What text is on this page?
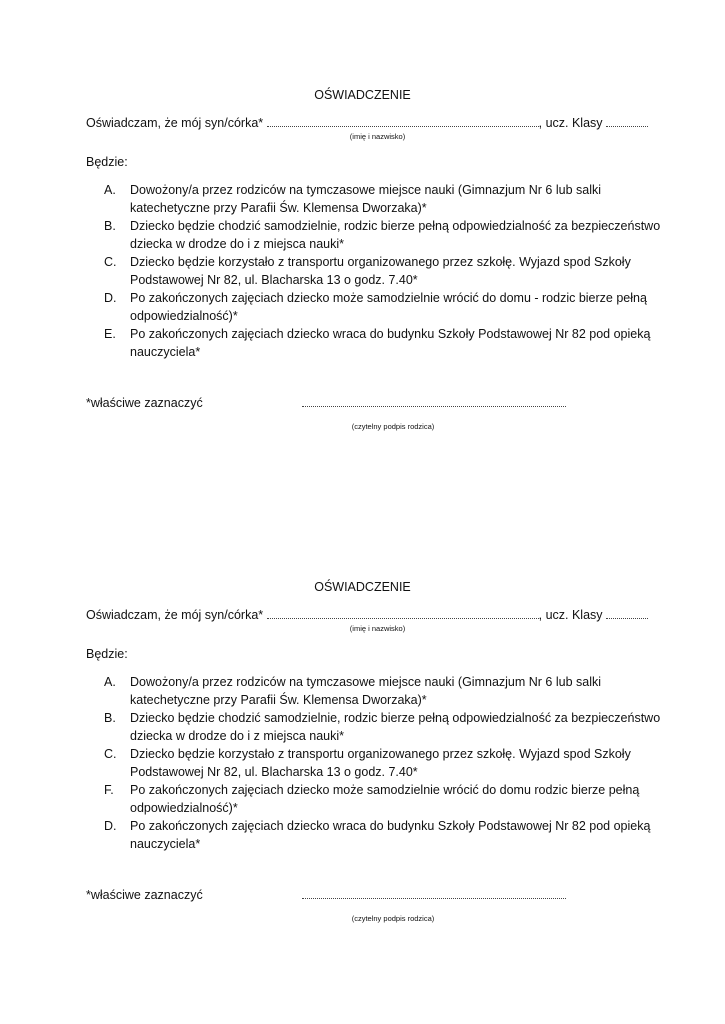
OŚWIADCZENIE
Oświadczam, że mój syn/córka*	, ucz. Klasy
(imię i nazwisko)
Będzie:
A. Dowożony/a przez rodziców na tymczasowe miejsce nauki (Gimnazjum Nr 6 lub salki katechetyczne przy Parafii Św. Klemensa Dworzaka)*
B. Dziecko będzie chodzić samodzielnie, rodzic bierze pełną odpowiedzialność za bezpieczeństwo dziecka w drodze do i z miejsca nauki*
C. Dziecko będzie korzystało z transportu organizowanego przez szkołę. Wyjazd spod Szkoły Podstawowej Nr 82, ul. Blacharska 13 o godz. 7.40*
D. Po zakończonych zajęciach dziecko może samodzielnie wrócić do domu - rodzic bierze pełną odpowiedzialność)*
E. Po zakończonych zajęciach dziecko wraca do budynku Szkoły Podstawowej Nr 82 pod opieką nauczyciela*
*właściwe zaznaczyć
(czytelny podpis rodzica)
OŚWIADCZENIE
Oświadczam, że mój syn/córka*	, ucz. Klasy
(imię i nazwisko)
Będzie:
A. Dowożony/a przez rodziców na tymczasowe miejsce nauki (Gimnazjum Nr 6 lub salki katechetyczne przy Parafii Św. Klemensa Dworzaka)*
B. Dziecko będzie chodzić samodzielnie, rodzic bierze pełną odpowiedzialność za bezpieczeństwo dziecka w drodze do i z miejsca nauki*
C. Dziecko będzie korzystało z transportu organizowanego przez szkołę. Wyjazd spod Szkoły Podstawowej Nr 82, ul. Blacharska 13 o godz. 7.40*
F. Po zakończonych zajęciach dziecko może samodzielnie wrócić do domu rodzic bierze pełną odpowiedzialność)*
D. Po zakończonych zajęciach dziecko wraca do budynku Szkoły Podstawowej Nr 82 pod opieką nauczyciela*
*właściwe zaznaczyć
(czytelny podpis rodzica)
